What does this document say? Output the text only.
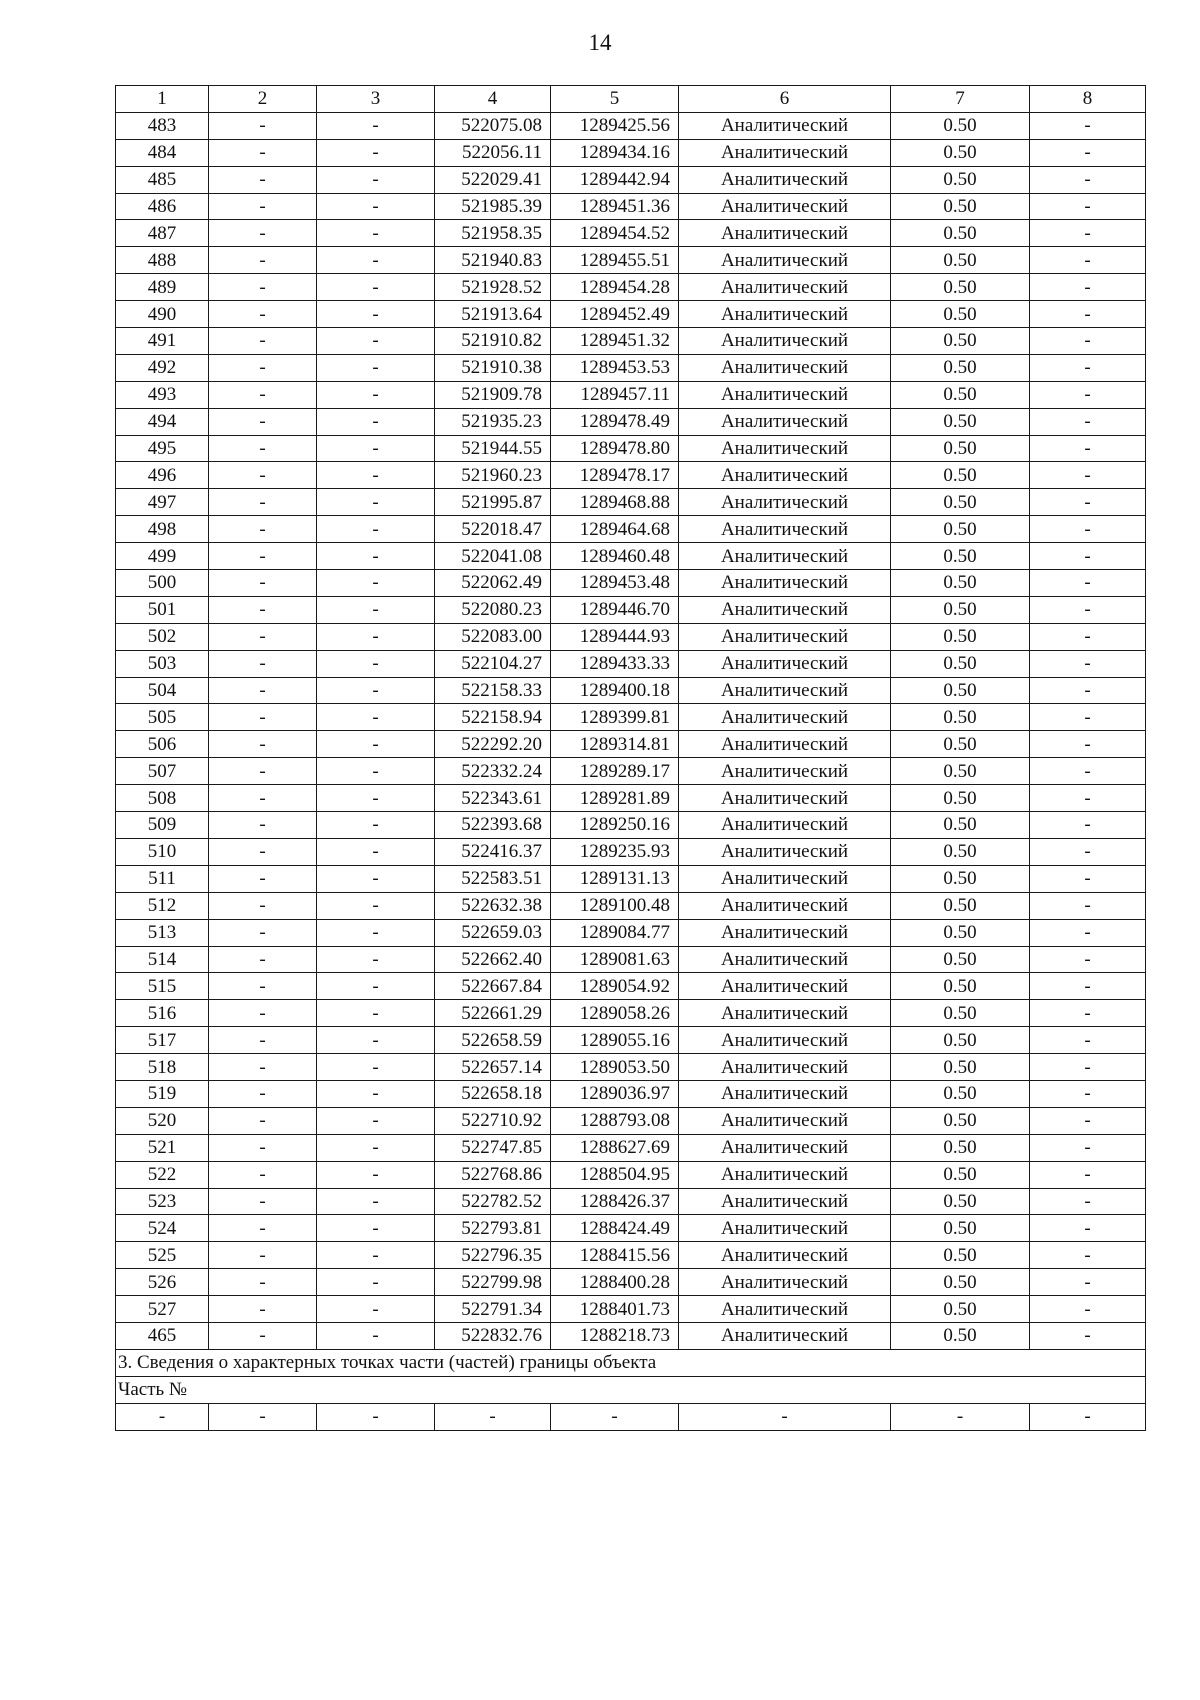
14
1	2	3	4	5	6	7	8
483	-	-	522075.08	1289425.56	Аналитический	0.50	-
484	-	-	522056.11	1289434.16	Аналитический	0.50	-
485	-	-	522029.41	1289442.94	Аналитический	0.50	-
486	-	-	521985.39	1289451.36	Аналитический	0.50	-
487	-	-	521958.35	1289454.52	Аналитический	0.50	-
488	-	-	521940.83	1289455.51	Аналитический	0.50	-
489	-	-	521928.52	1289454.28	Аналитический	0.50	-
490	-	-	521913.64	1289452.49	Аналитический	0.50	-
491	-	-	521910.82	1289451.32	Аналитический	0.50	-
492	-	-	521910.38	1289453.53	Аналитический	0.50	-
493	-	-	521909.78	1289457.11	Аналитический	0.50	-
494	-	-	521935.23	1289478.49	Аналитический	0.50	-
495	-	-	521944.55	1289478.80	Аналитический	0.50	-
496	-	-	521960.23	1289478.17	Аналитический	0.50	-
497	-	-	521995.87	1289468.88	Аналитический	0.50	-
498	-	-	522018.47	1289464.68	Аналитический	0.50	-
499	-	-	522041.08	1289460.48	Аналитический	0.50	-
500	-	-	522062.49	1289453.48	Аналитический	0.50	-
501	-	-	522080.23	1289446.70	Аналитический	0.50	-
502	-	-	522083.00	1289444.93	Аналитический	0.50	-
503	-	-	522104.27	1289433.33	Аналитический	0.50	-
504	-	-	522158.33	1289400.18	Аналитический	0.50	-
505	-	-	522158.94	1289399.81	Аналитический	0.50	-
506	-	-	522292.20	1289314.81	Аналитический	0.50	-
507	-	-	522332.24	1289289.17	Аналитический	0.50	-
508	-	-	522343.61	1289281.89	Аналитический	0.50	-
509	-	-	522393.68	1289250.16	Аналитический	0.50	-
510	-	-	522416.37	1289235.93	Аналитический	0.50	-
511	-	-	522583.51	1289131.13	Аналитический	0.50	-
512	-	-	522632.38	1289100.48	Аналитический	0.50	-
513	-	-	522659.03	1289084.77	Аналитический	0.50	-
514	-	-	522662.40	1289081.63	Аналитический	0.50	-
515	-	-	522667.84	1289054.92	Аналитический	0.50	-
516	-	-	522661.29	1289058.26	Аналитический	0.50	-
517	-	-	522658.59	1289055.16	Аналитический	0.50	-
518	-	-	522657.14	1289053.50	Аналитический	0.50	-
519	-	-	522658.18	1289036.97	Аналитический	0.50	-
520	-	-	522710.92	1288793.08	Аналитический	0.50	-
521	-	-	522747.85	1288627.69	Аналитический	0.50	-
522	-	-	522768.86	1288504.95	Аналитический	0.50	-
523	-	-	522782.52	1288426.37	Аналитический	0.50	-
524	-	-	522793.81	1288424.49	Аналитический	0.50	-
525	-	-	522796.35	1288415.56	Аналитический	0.50	-
526	-	-	522799.98	1288400.28	Аналитический	0.50	-
527	-	-	522791.34	1288401.73	Аналитический	0.50	-
465	-	-	522832.76	1288218.73	Аналитический	0.50	-
3. Сведения о характерных точках части (частей) границы объекта							
Часть №							
-	-	-	-	-	-	-	-
